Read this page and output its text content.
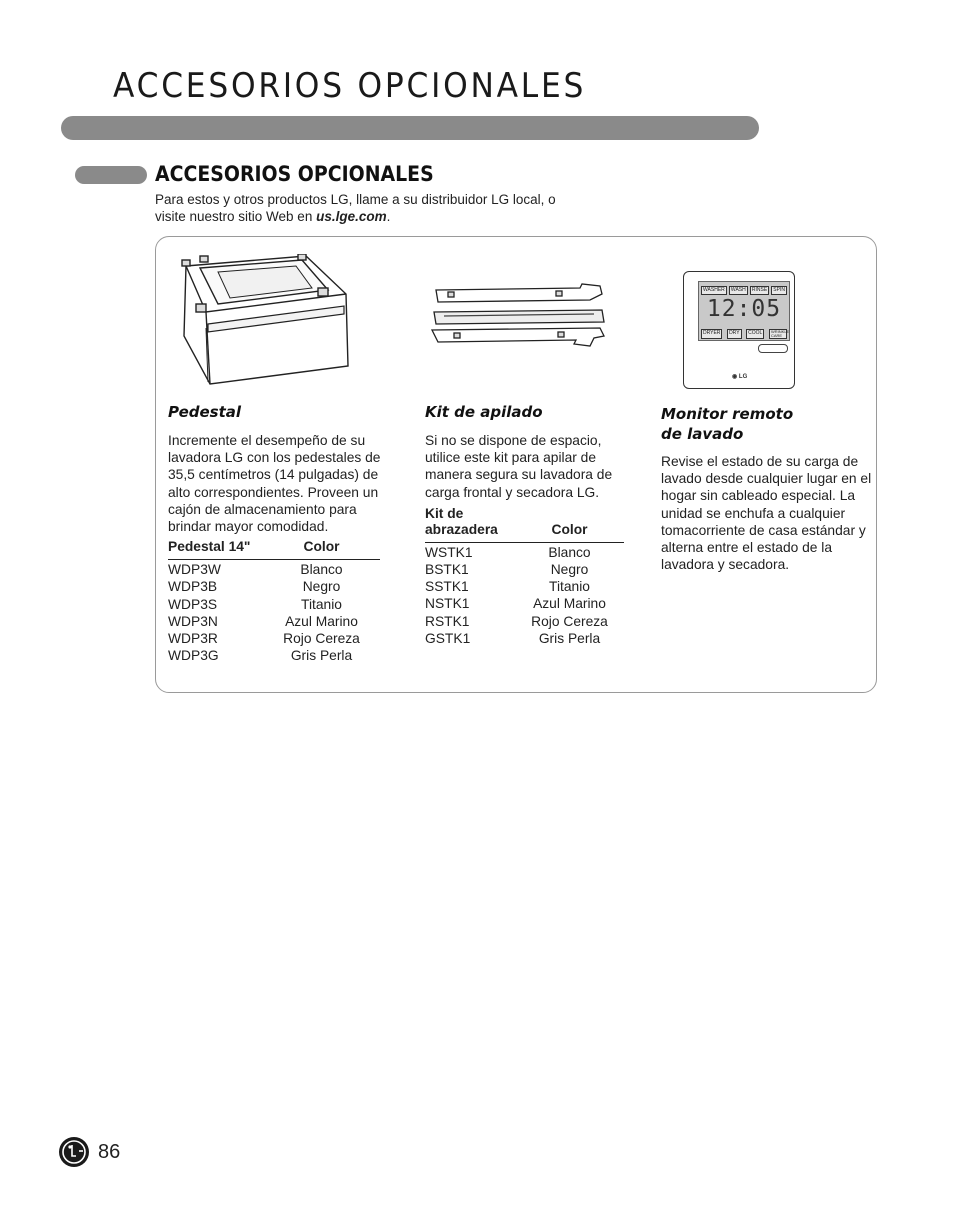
ACCESORIOS OPCIONALES
ACCESORIOS OPCIONALES

Para estos y otros productos LG, llame a su distribuidor LG local, o visite nuestro sitio Web en us.lge.com.

WASHER	WASH	RINSE	SPIN
12:05
DRYER	DRY	COOL	WRINKLE CARE
◉ LG

Pedestal

Incremente el desempeño de su lavadora LG con los pedestales de 35,5 centímetros (14 pulgadas) de alto correspondientes. Proveen un cajón de almacenamiento para brindar mayor comodidad.

Pedestal 14"	Color
WDP3W	Blanco
WDP3B	Negro
WDP3S	Titanio
WDP3N	Azul Marino
WDP3R	Rojo Cereza
WDP3G	Gris Perla

Kit de apilado

Si no se dispone de espacio, utilice este kit para apilar de manera segura su lavadora de carga frontal y secadora LG.

Kit de abrazadera	Color
WSTK1	Blanco
BSTK1	Negro
SSTK1	Titanio
NSTK1	Azul Marino
RSTK1	Rojo Cereza
GSTK1	Gris Perla

Monitor remoto de lavado

Revise el estado de su carga de lavado desde cualquier lugar en el hogar sin cableado especial. La unidad se enchufa a cualquier tomacorriente de casa estándar y alterna entre el estado de la lavadora y secadora.

86
